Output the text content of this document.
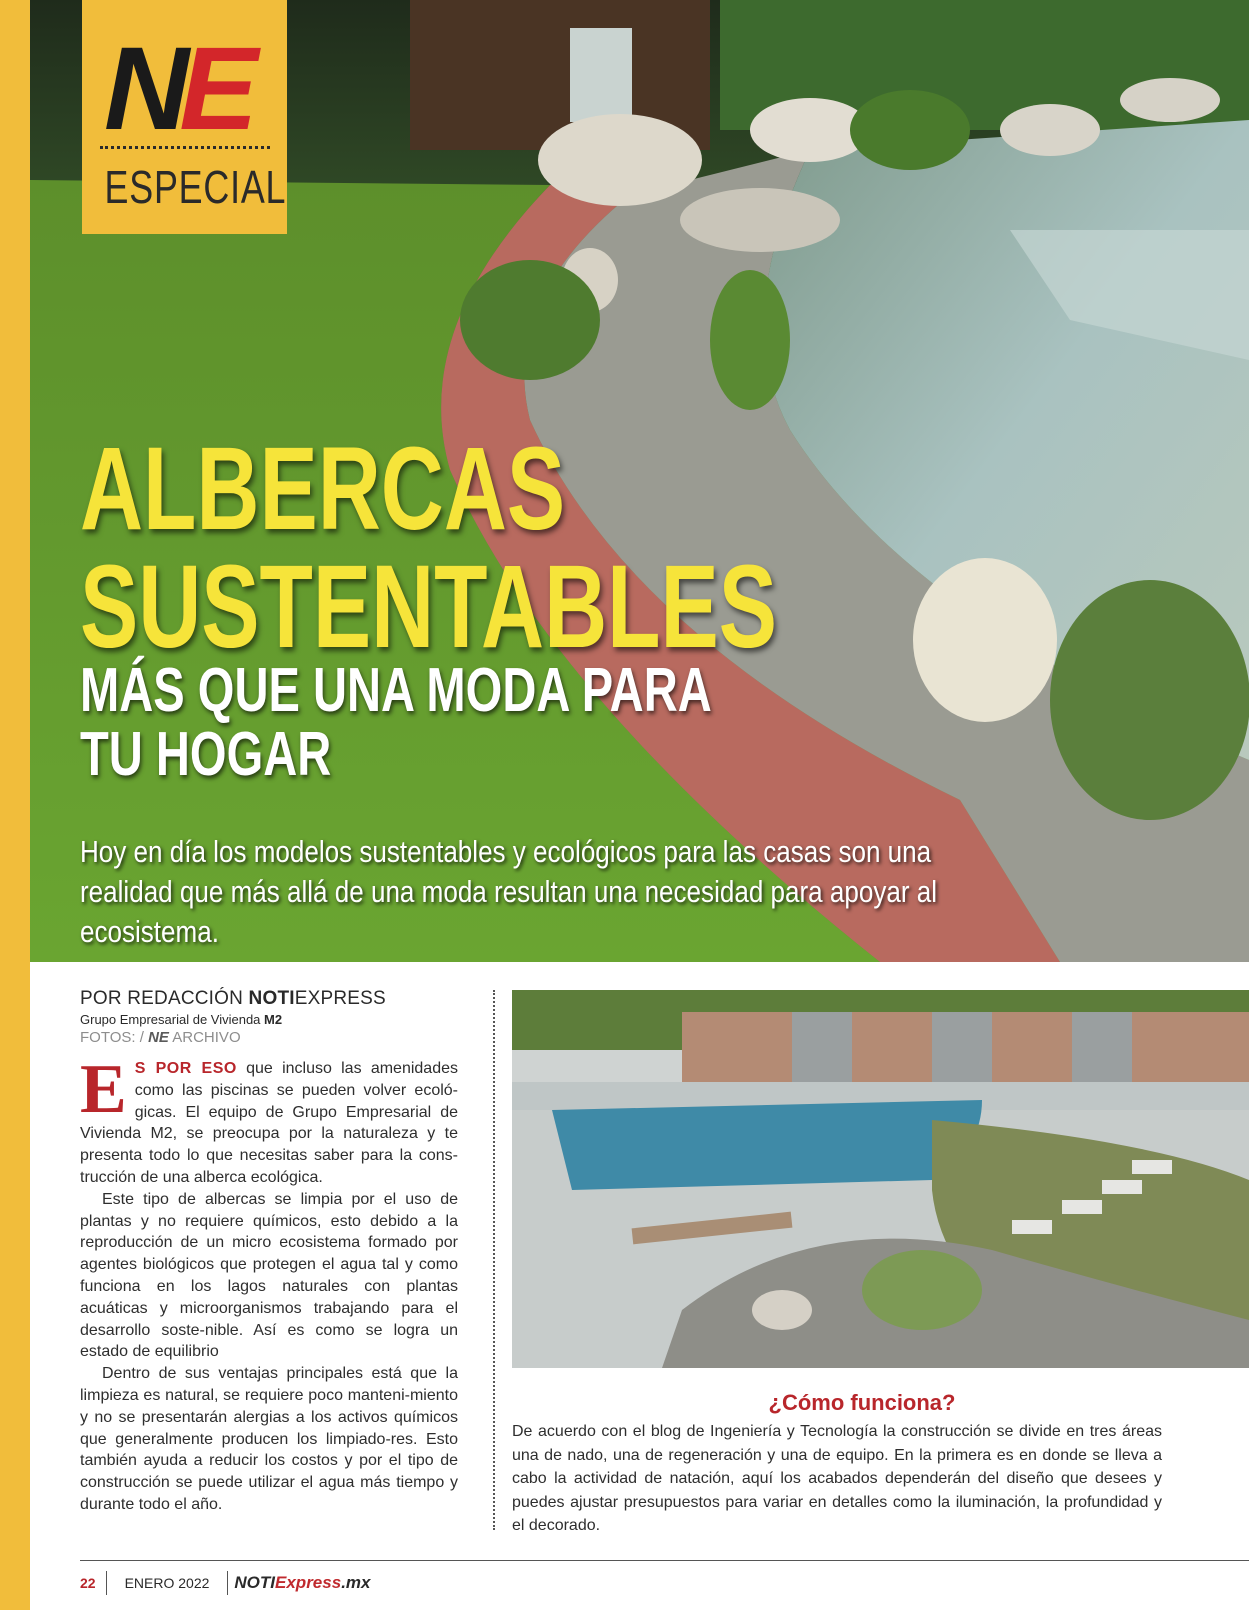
NE
ESPECIAL
ALBERCAS
SUSTENTABLES
MÁS QUE UNA MODA PARA
TU HOGAR
Hoy en día los modelos sustentables y ecológicos para las casas son una realidad que más allá de una moda resultan una necesidad para apoyar al ecosistema.
POR REDACCIÓN NOTIEXPRESS
Grupo Empresarial de Vivienda M2
FOTOS: / NE ARCHIVO

E S POR ESO que incluso las amenidades como las piscinas se pueden volver ecoló-gicas. El equipo de Grupo Empresarial de Vivienda M2, se preocupa por la naturaleza y te presenta todo lo que necesitas saber para la cons-trucción de una alberca ecológica.

Este tipo de albercas se limpia por el uso de plantas y no requiere químicos, esto debido a la reproducción de un micro ecosistema formado por agentes biológicos que protegen el agua tal y como funciona en los lagos naturales con plantas acuáticas y microorganismos trabajando para el desarrollo soste-nible. Así es como se logra un estado de equilibrio

Dentro de sus ventajas principales está que la limpieza es natural, se requiere poco manteni-miento y no se presentarán alergias a los activos químicos que generalmente producen los limpiado-res. Esto también ayuda a reducir los costos y por el tipo de construcción se puede utilizar el agua más tiempo y durante todo el año.

¿Cómo funciona?
De acuerdo con el blog de Ingeniería y Tecnología la construcción se divide en tres áreas una de nado, una de regeneración y una de equipo. En la primera es en donde se lleva a cabo la actividad de natación, aquí los acabados dependerán del diseño que desees y puedes ajustar presupuestos para variar en detalles como la iluminación, la profundidad y el decorado.
22 ENERO 2022 NOTIExpress.mx
